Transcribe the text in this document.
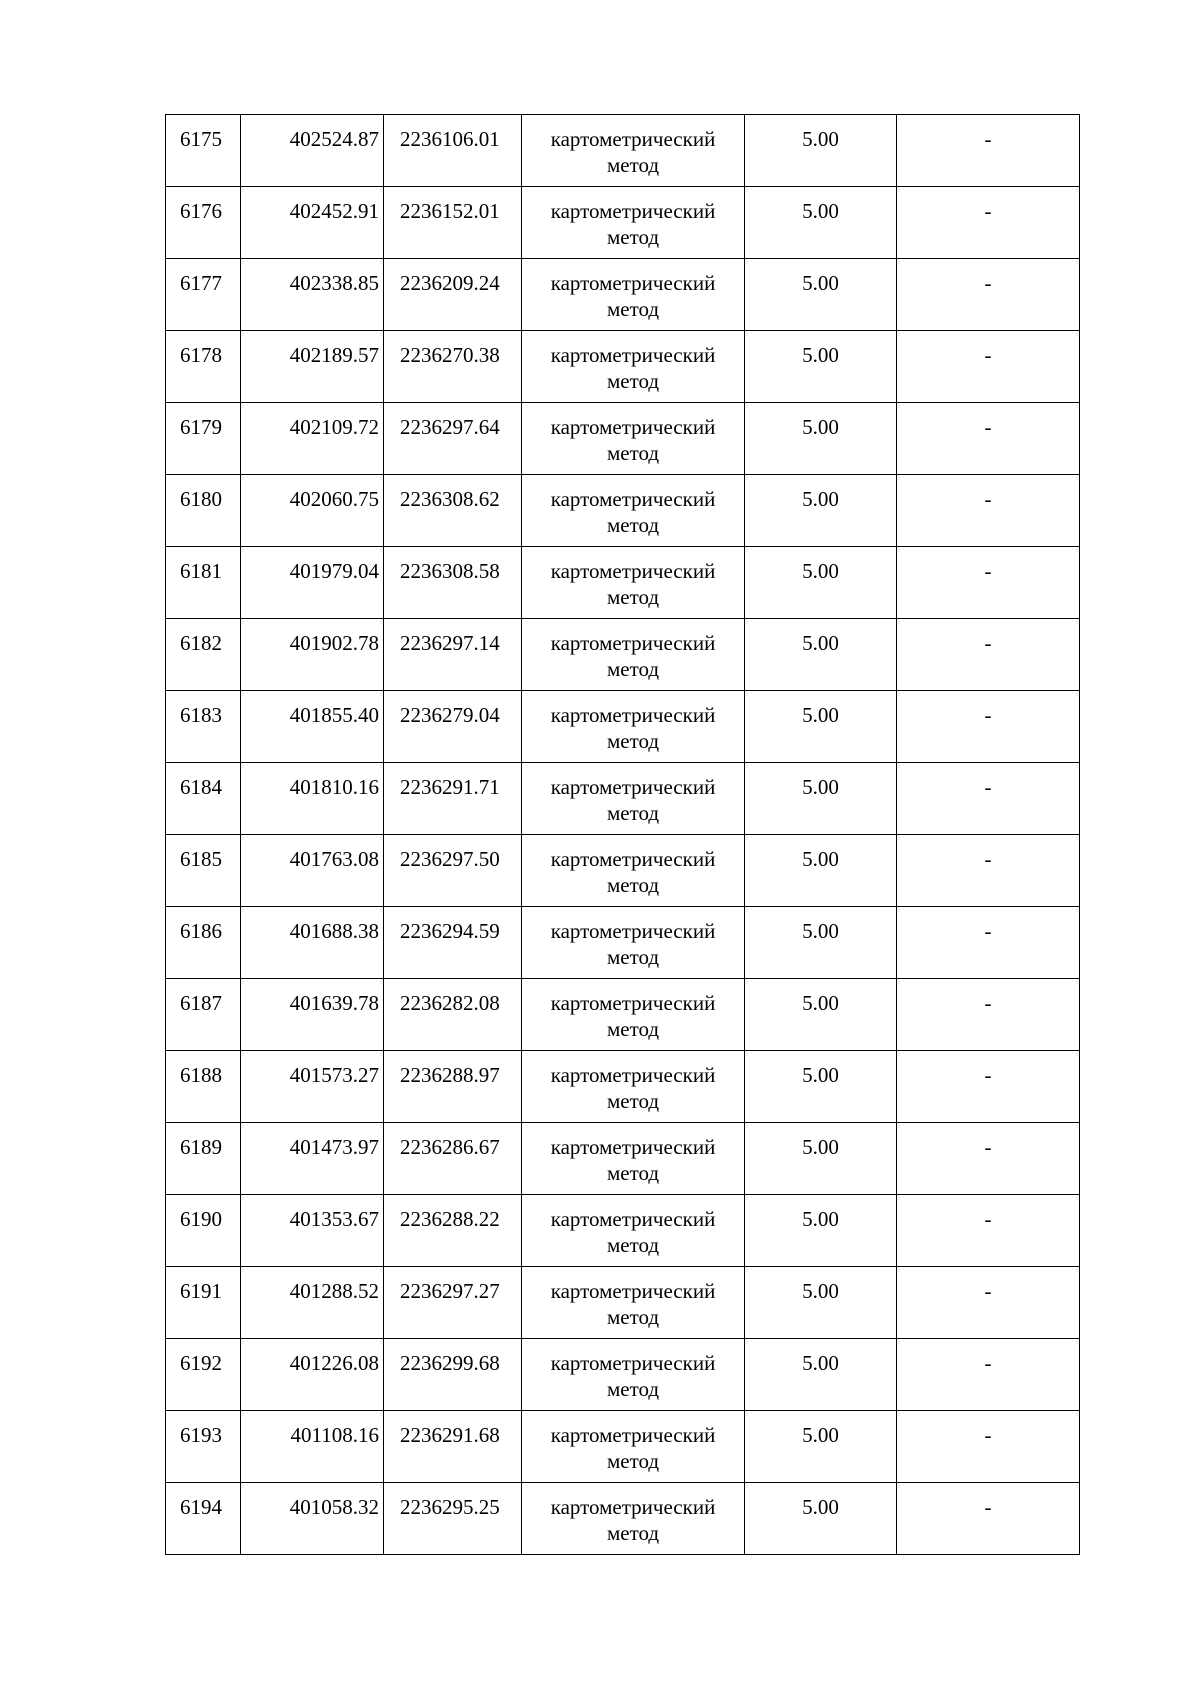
6175	402524.87	2236106.01	картометрический метод	5.00	-
6176	402452.91	2236152.01	картометрический метод	5.00	-
6177	402338.85	2236209.24	картометрический метод	5.00	-
6178	402189.57	2236270.38	картометрический метод	5.00	-
6179	402109.72	2236297.64	картометрический метод	5.00	-
6180	402060.75	2236308.62	картометрический метод	5.00	-
6181	401979.04	2236308.58	картометрический метод	5.00	-
6182	401902.78	2236297.14	картометрический метод	5.00	-
6183	401855.40	2236279.04	картометрический метод	5.00	-
6184	401810.16	2236291.71	картометрический метод	5.00	-
6185	401763.08	2236297.50	картометрический метод	5.00	-
6186	401688.38	2236294.59	картометрический метод	5.00	-
6187	401639.78	2236282.08	картометрический метод	5.00	-
6188	401573.27	2236288.97	картометрический метод	5.00	-
6189	401473.97	2236286.67	картометрический метод	5.00	-
6190	401353.67	2236288.22	картометрический метод	5.00	-
6191	401288.52	2236297.27	картометрический метод	5.00	-
6192	401226.08	2236299.68	картометрический метод	5.00	-
6193	401108.16	2236291.68	картометрический метод	5.00	-
6194	401058.32	2236295.25	картометрический метод	5.00	-
